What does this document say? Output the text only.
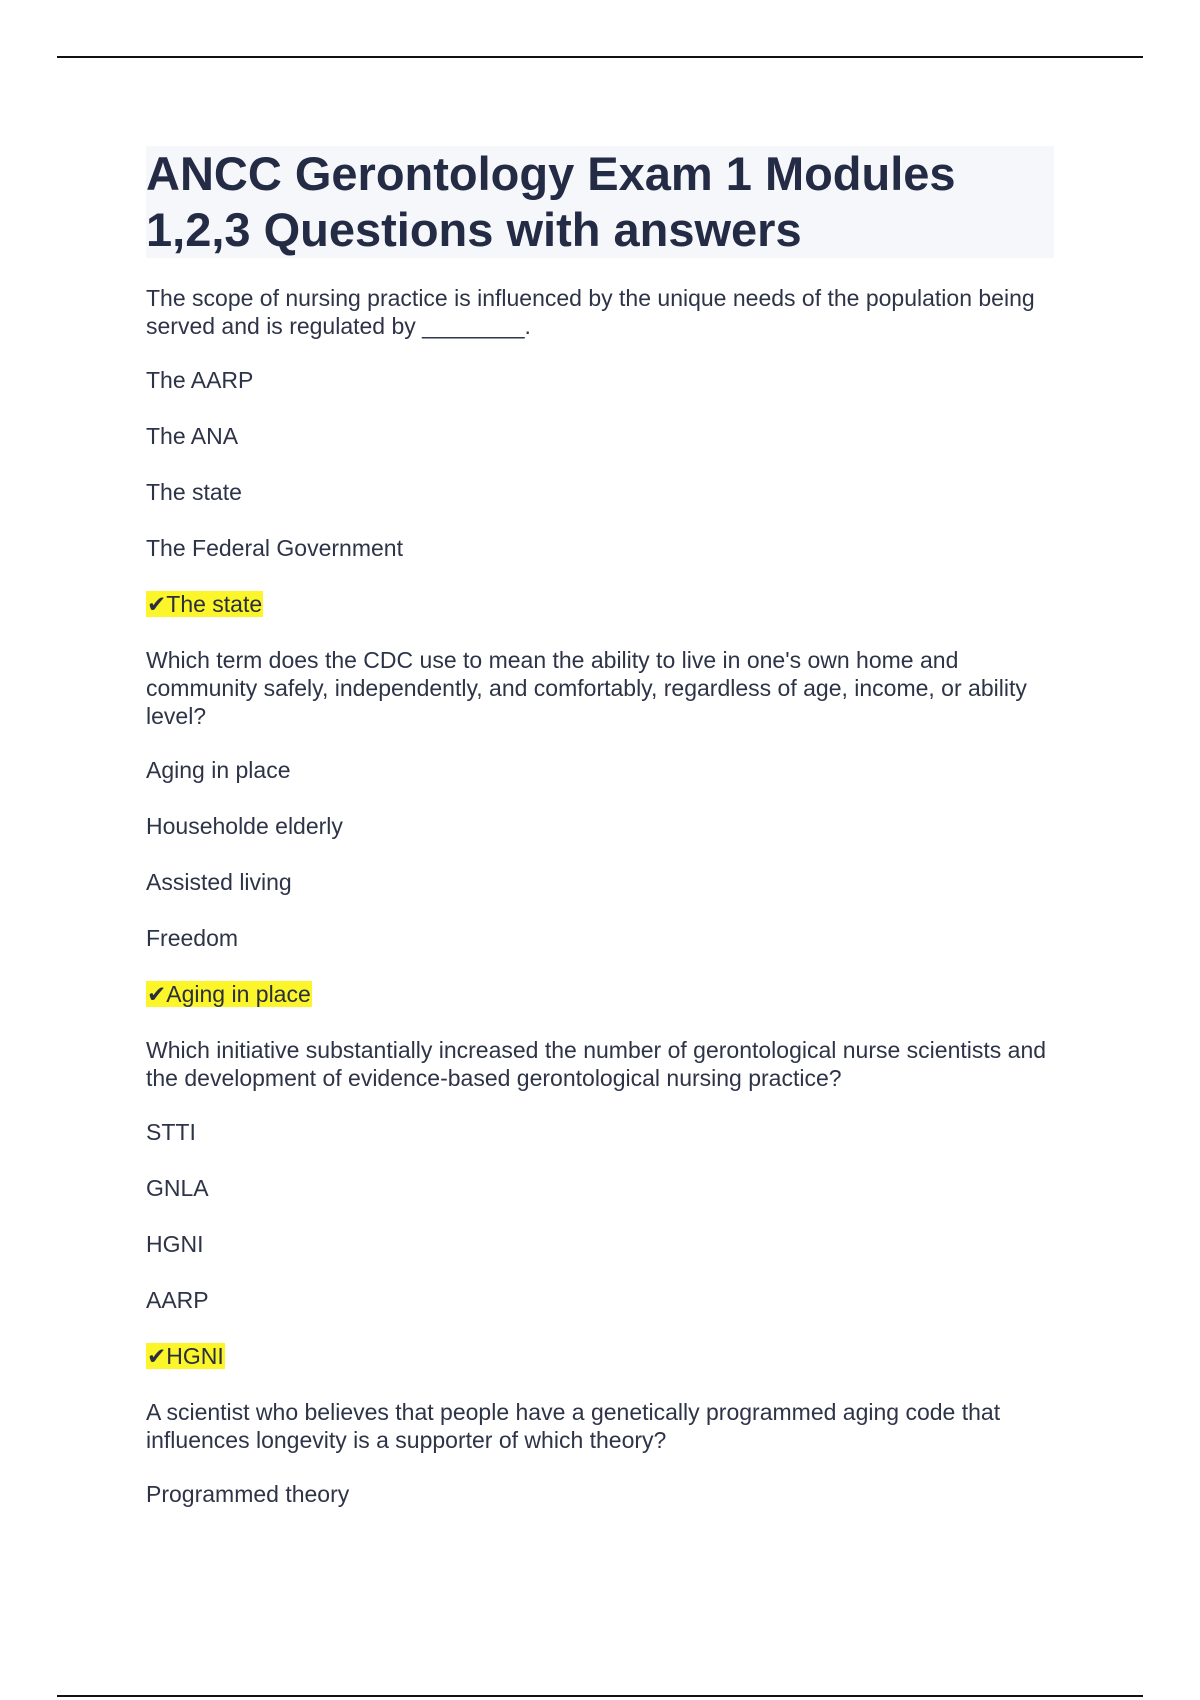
ANCC Gerontology Exam 1 Modules 1,2,3 Questions with answers

The scope of nursing practice is influenced by the unique needs of the population being served and is regulated by ________.

The AARP

The ANA

The state

The Federal Government

✔The state

Which term does the CDC use to mean the ability to live in one's own home and community safely, independently, and comfortably, regardless of age, income, or ability level?

Aging in place

Householde elderly

Assisted living

Freedom

✔Aging in place

Which initiative substantially increased the number of gerontological nurse scientists and the development of evidence-based gerontological nursing practice?

STTI

GNLA

HGNI

AARP

✔HGNI

A scientist who believes that people have a genetically programmed aging code that influences longevity is a supporter of which theory?

Programmed theory
